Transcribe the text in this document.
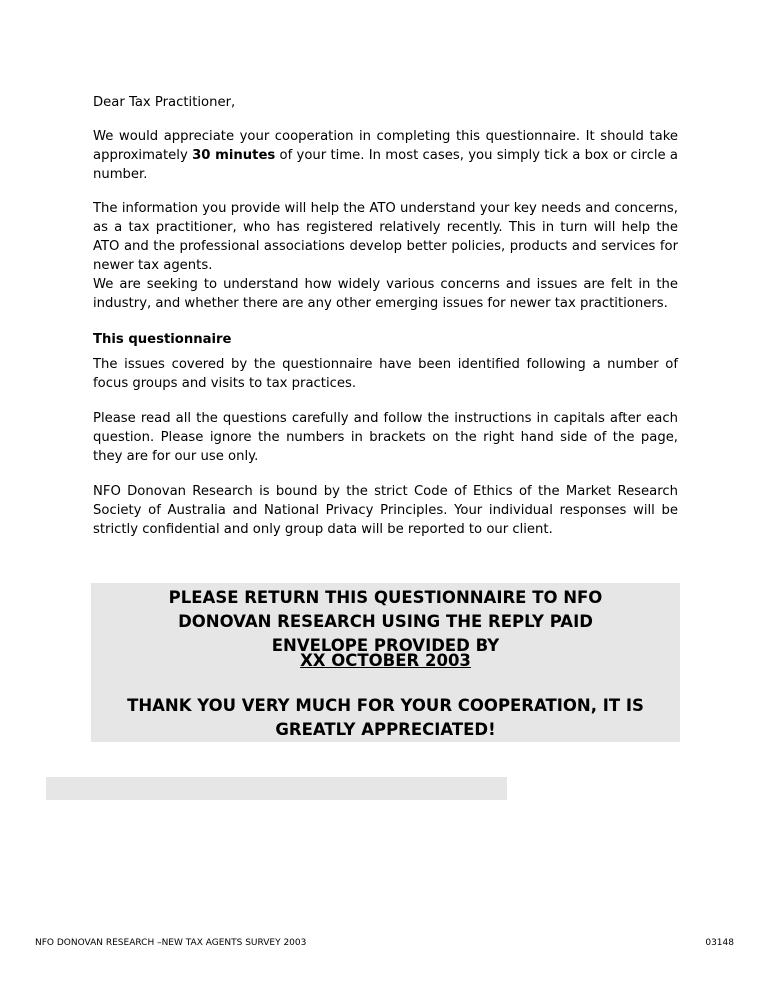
Dear Tax Practitioner,

We would appreciate your cooperation in completing this questionnaire. It should take approximately 30 minutes of your time. In most cases, you simply tick a box or circle a number.

The information you provide will help the ATO understand your key needs and concerns, as a tax practitioner, who has registered relatively recently. This in turn will help the ATO and the professional associations develop better policies, products and services for newer tax agents.

We are seeking to understand how widely various concerns and issues are felt in the industry, and whether there are any other emerging issues for newer tax practitioners.

This questionnaire

The issues covered by the questionnaire have been identified following a number of focus groups and visits to tax practices.

Please read all the questions carefully and follow the instructions in capitals after each question. Please ignore the numbers in brackets on the right hand side of the page, they are for our use only.

NFO Donovan Research is bound by the strict Code of Ethics of the Market Research Society of Australia and National Privacy Principles. Your individual responses will be strictly confidential and only group data will be reported to our client.

PLEASE RETURN THIS QUESTIONNAIRE TO NFO DONOVAN RESEARCH USING THE REPLY PAID ENVELOPE PROVIDED BY
XX OCTOBER 2003
THANK YOU VERY MUCH FOR YOUR COOPERATION, IT IS GREATLY APPRECIATED!
NFO DONOVAN RESEARCH –NEW TAX AGENTS SURVEY 2003	03148
